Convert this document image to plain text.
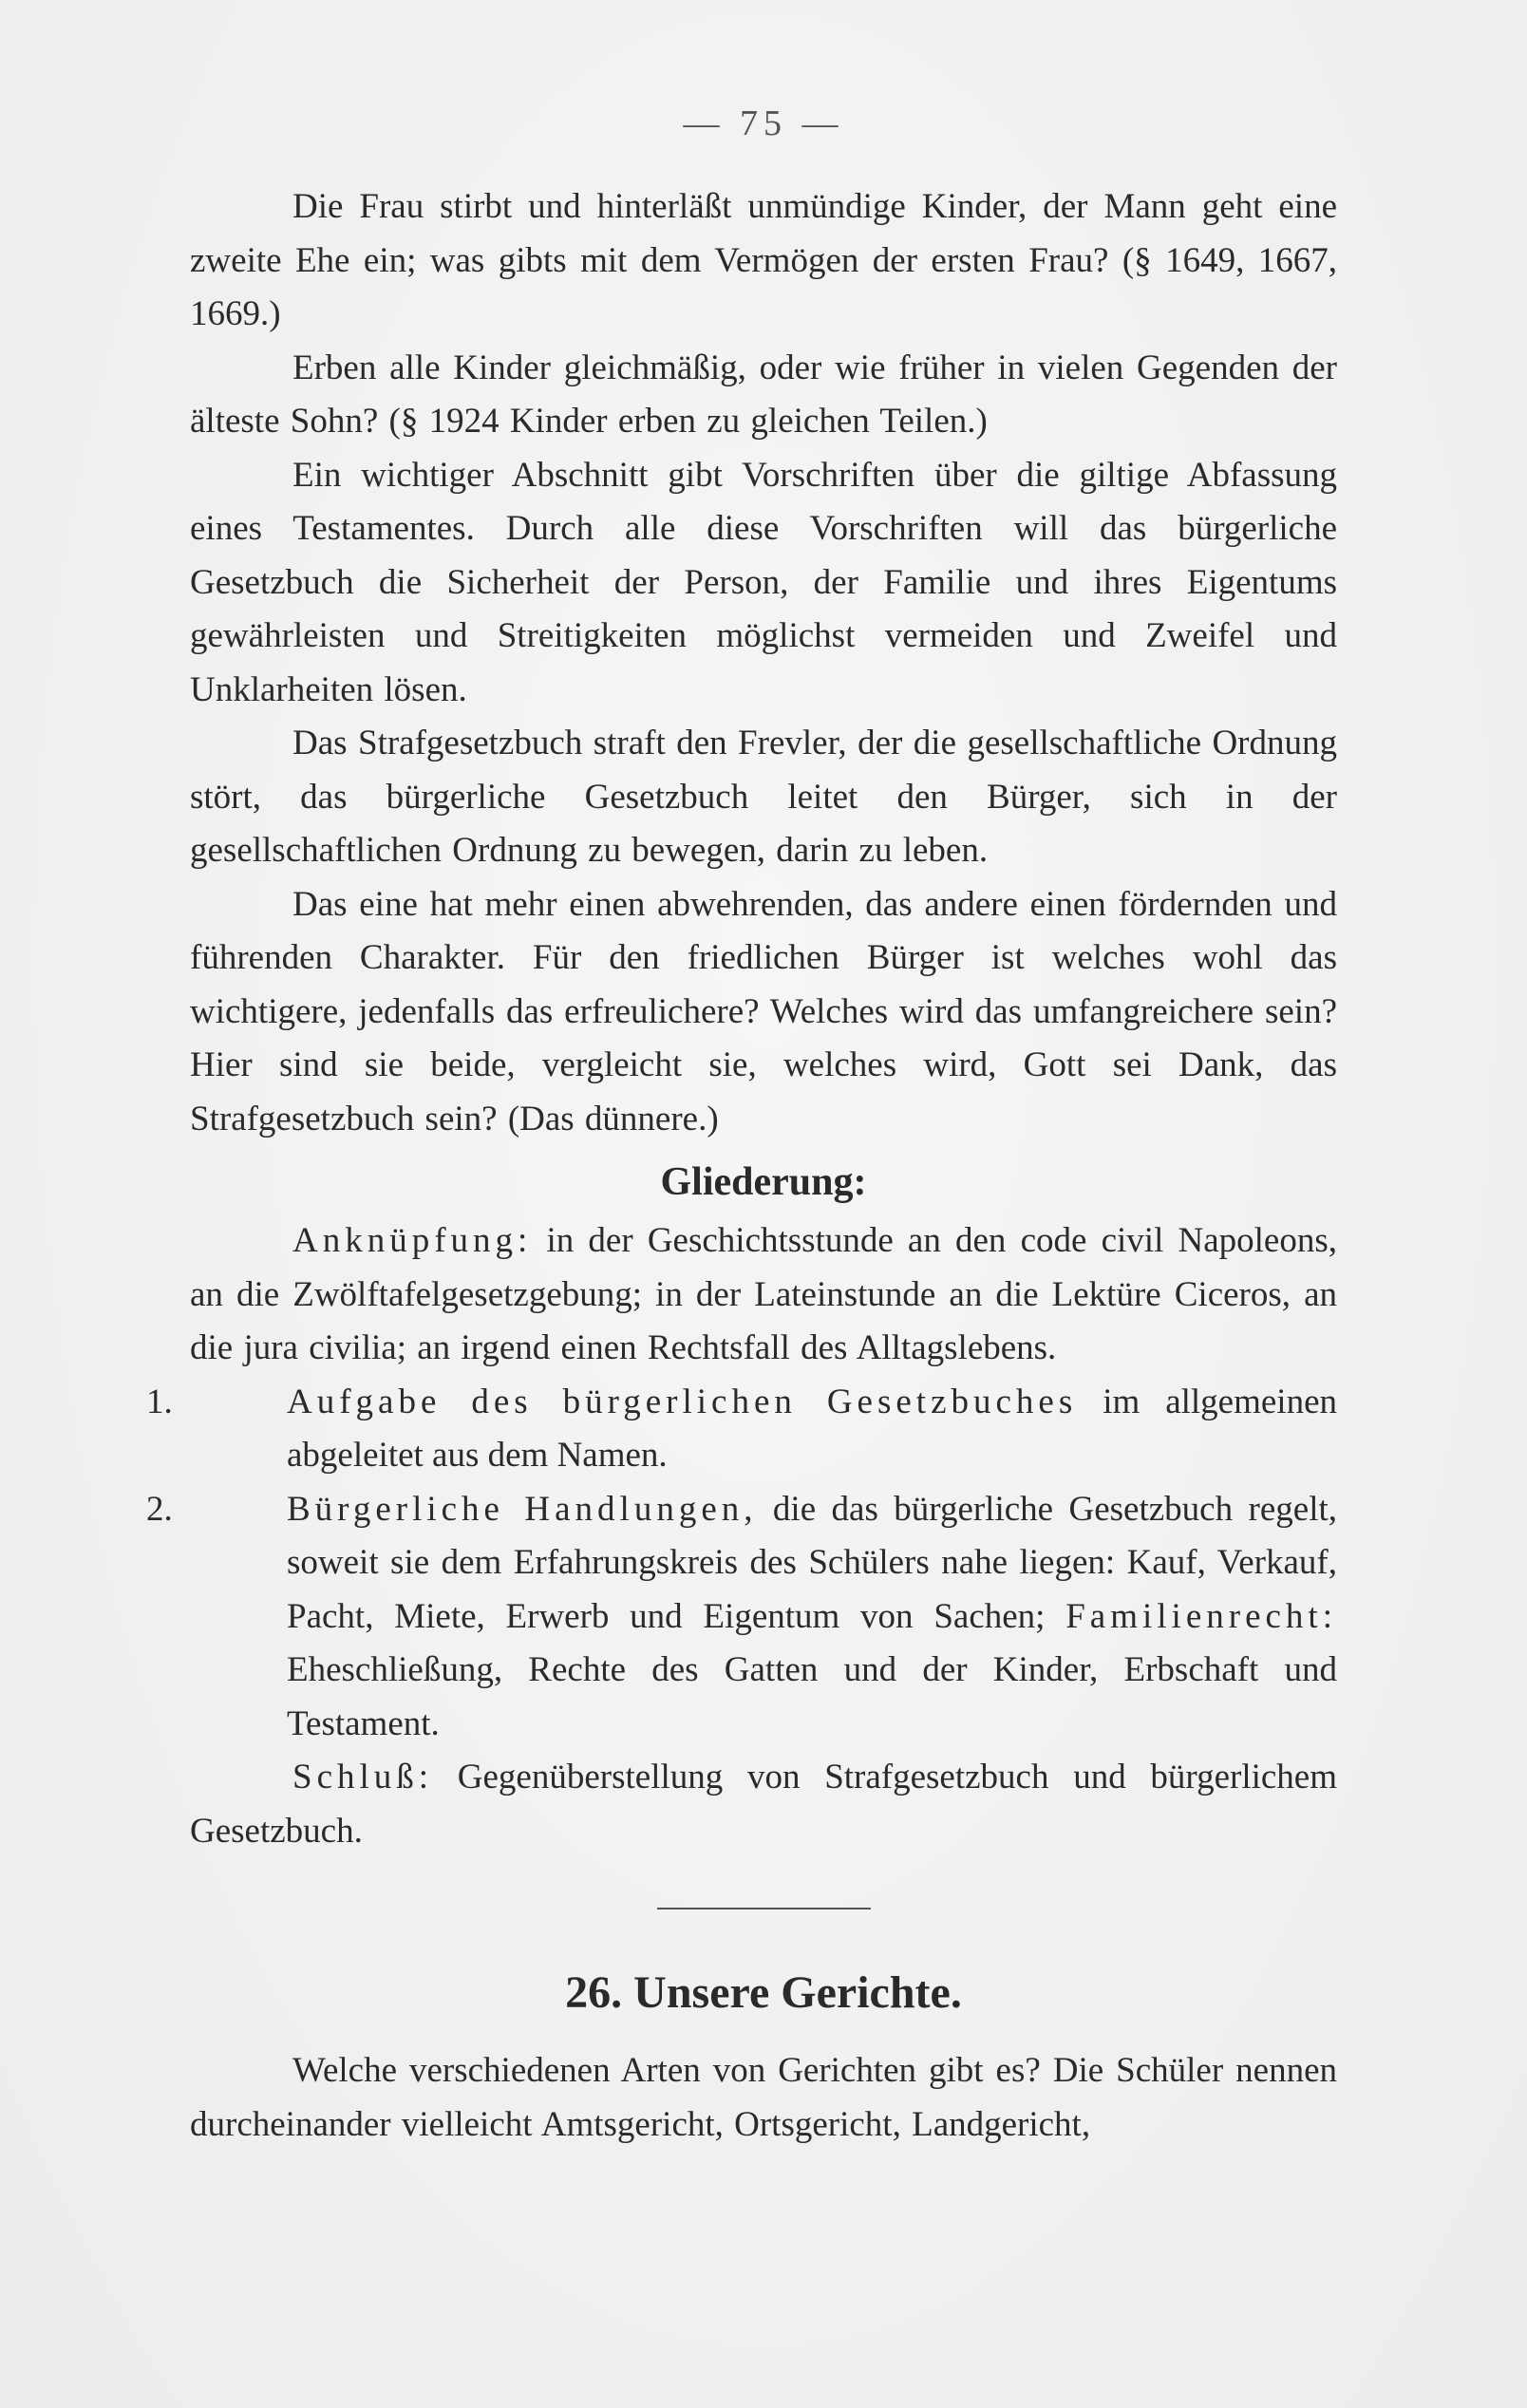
— 75 —

Die Frau stirbt und hinterläßt unmündige Kinder, der Mann geht eine zweite Ehe ein; was gibts mit dem Vermögen der ersten Frau? (§ 1649, 1667, 1669.)

Erben alle Kinder gleichmäßig, oder wie früher in vielen Gegenden der älteste Sohn? (§ 1924 Kinder erben zu gleichen Teilen.)

Ein wichtiger Abschnitt gibt Vorschriften über die giltige Abfassung eines Testamentes. Durch alle diese Vorschriften will das bürgerliche Gesetzbuch die Sicherheit der Person, der Familie und ihres Eigentums gewährleisten und Streitigkeiten möglichst vermeiden und Zweifel und Unklarheiten lösen.

Das Strafgesetzbuch straft den Frevler, der die gesellschaftliche Ordnung stört, das bürgerliche Gesetzbuch leitet den Bürger, sich in der gesellschaftlichen Ordnung zu bewegen, darin zu leben.

Das eine hat mehr einen abwehrenden, das andere einen fördernden und führenden Charakter. Für den friedlichen Bürger ist welches wohl das wichtigere, jedenfalls das erfreulichere? Welches wird das umfangreichere sein? Hier sind sie beide, vergleicht sie, welches wird, Gott sei Dank, das Strafgesetzbuch sein? (Das dünnere.)

Gliederung:

Anknüpfung: in der Geschichtsstunde an den code civil Napoleons, an die Zwölftafelgesetzgebung; in der Lateinstunde an die Lektüre Ciceros, an die jura civilia; an irgend einen Rechtsfall des Alltagslebens.

1.	Aufgabe des bürgerlichen Gesetzbuches im allgemeinen abgeleitet aus dem Namen.
2.	Bürgerliche Handlungen, die das bürgerliche Gesetzbuch regelt, soweit sie dem Erfahrungskreis des Schülers nahe liegen: Kauf, Verkauf, Pacht, Miete, Erwerb und Eigentum von Sachen; Familienrecht: Eheschließung, Rechte des Gatten und der Kinder, Erbschaft und Testament.

Schluß: Gegenüberstellung von Strafgesetzbuch und bürgerlichem Gesetzbuch.

26. Unsere Gerichte.

Welche verschiedenen Arten von Gerichten gibt es? Die Schüler nennen durcheinander vielleicht Amtsgericht, Ortsgericht, Landgericht,
